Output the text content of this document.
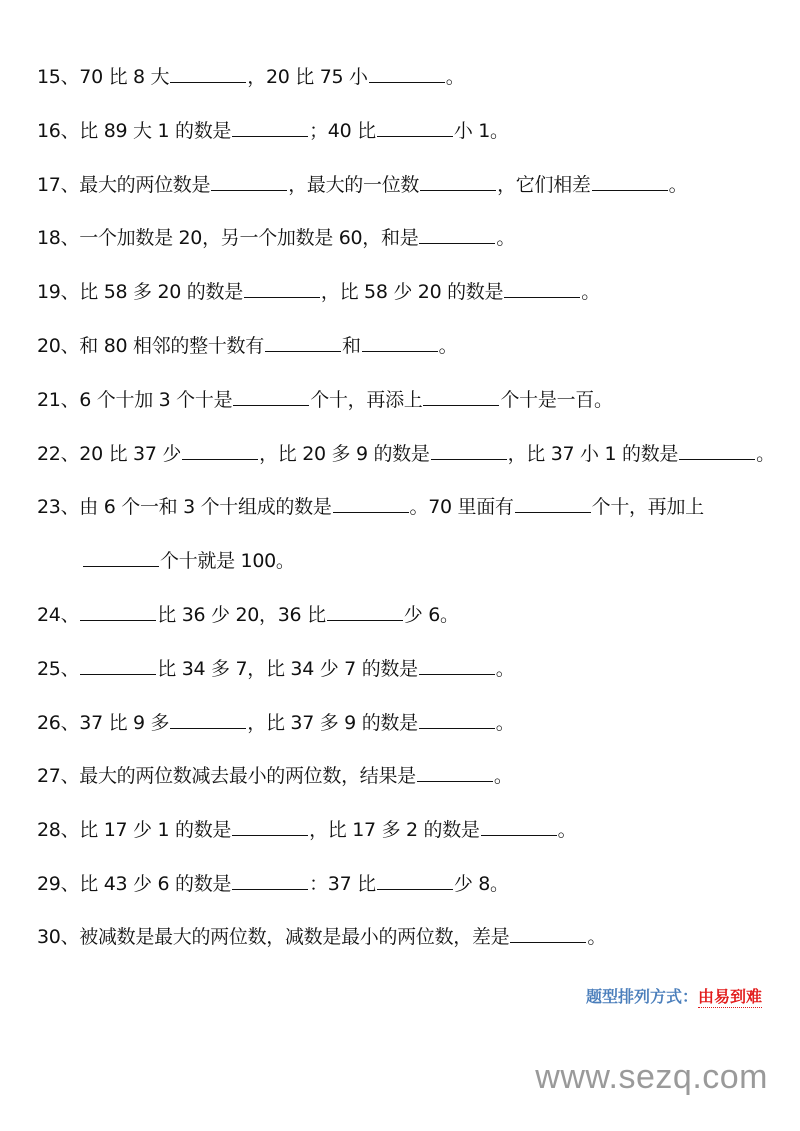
15、70 比 8 大	，20 比 75 小	。
16、比 89 大 1 的数是	；40 比	小 1。
17、最大的两位数是	，最大的一位数	，它们相差	。
18、一个加数是 20，另一个加数是 60，和是	。
19、比 58 多 20 的数是	，比 58 少 20 的数是	。
20、和 80 相邻的整十数有	和	。
21、6 个十加 3 个十是	个十，再添上	个十是一百。
22、20 比 37 少	，比 20 多 9 的数是	，比 37 小 1 的数是	。
23、由 6 个一和 3 个十组成的数是	。70 里面有	个十，再加上
个十就是 100。
24、	比 36 少 20，36 比	少 6。
25、	比 34 多 7，比 34 少 7 的数是	。
26、37 比 9 多	，比 37 多 9 的数是	。
27、最大的两位数减去最小的两位数，结果是	。
28、比 17 少 1 的数是	，比 17 多 2 的数是	。
29、比 43 少 6 的数是	：37 比	少 8。
30、被减数是最大的两位数，减数是最小的两位数，差是	。
题型排列方式：由易到难
www.sezq.com
